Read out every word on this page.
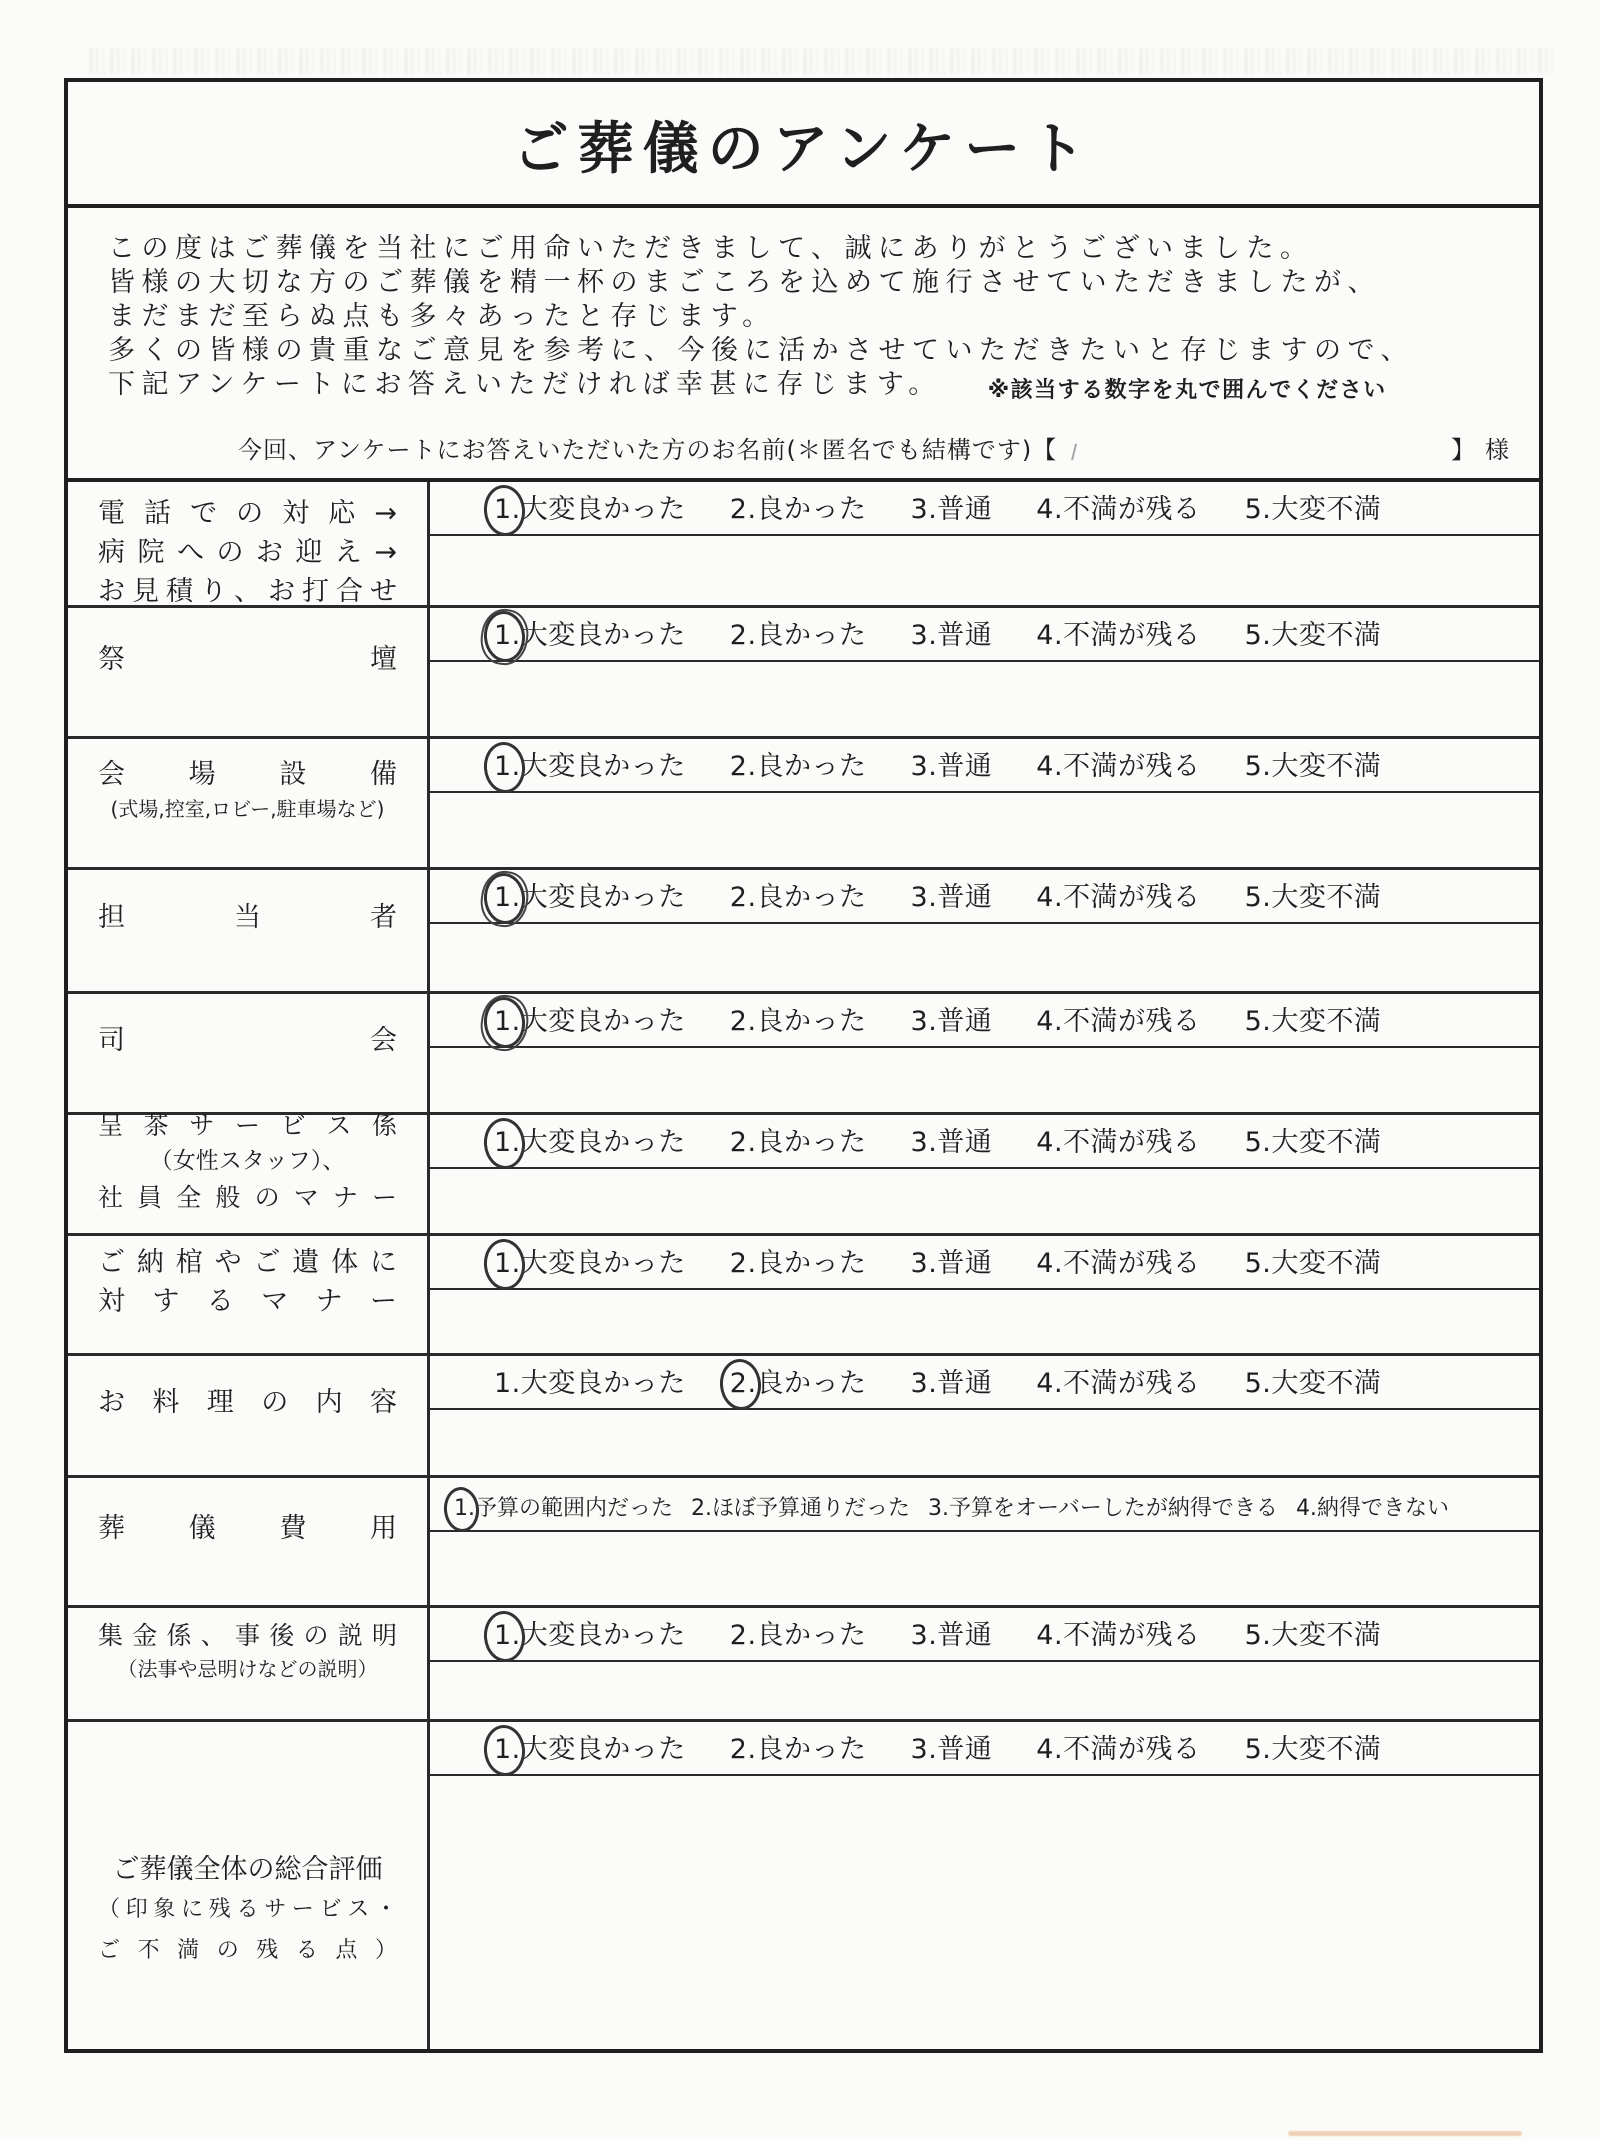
ご葬儀のアンケート
この度はご葬儀を当社にご用命いただきまして、誠にありがとうございました。
皆様の大切な方のご葬儀を精一杯のまごころを込めて施行させていただきましたが、
まだまだ至らぬ点も多々あったと存じます。
多くの皆様の貴重なご意見を参考に、今後に活かさせていただきたいと存じますので、
下記アンケートにお答えいただければ幸甚に存じます。 ※該当する数字を丸で囲んでください
今回、アンケートにお答えいただいた方のお名前(＊匿名でも結構です)【	】様
電話での対応→
病院へのお迎え→
お見積り、お打合せ
1. 大変良かった 2. 良かった 3. 普通 4. 不満が残る 5. 大変不満
祭壇
1. 大変良かった 2. 良かった 3. 普通 4. 不満が残る 5. 大変不満
会場設備
(式場,控室,ロビー,駐車場など)
1. 大変良かった 2. 良かった 3. 普通 4. 不満が残る 5. 大変不満
担当者
1. 大変良かった 2. 良かった 3. 普通 4. 不満が残る 5. 大変不満
司会
1. 大変良かった 2. 良かった 3. 普通 4. 不満が残る 5. 大変不満
呈茶サービス係
（女性スタッフ）、
社員全般のマナー
1. 大変良かった 2. 良かった 3. 普通 4. 不満が残る 5. 大変不満
ご納棺やご遺体に
対するマナー
1. 大変良かった 2. 良かった 3. 普通 4. 不満が残る 5. 大変不満
お料理の内容
1. 大変良かった 2. 良かった 3. 普通 4. 不満が残る 5. 大変不満
葬儀費用
1. 予算の範囲内だった 2. ほぼ予算通りだった 3. 予算をオーバーしたが納得できる 4. 納得できない
集金係、事後の説明
（法事や忌明けなどの説明）
1. 大変良かった 2. 良かった 3. 普通 4. 不満が残る 5. 大変不満
ご葬儀全体の総合評価
（印象に残るサービス・
ご不満の残る点）
1. 大変良かった 2. 良かった 3. 普通 4. 不満が残る 5. 大変不満
